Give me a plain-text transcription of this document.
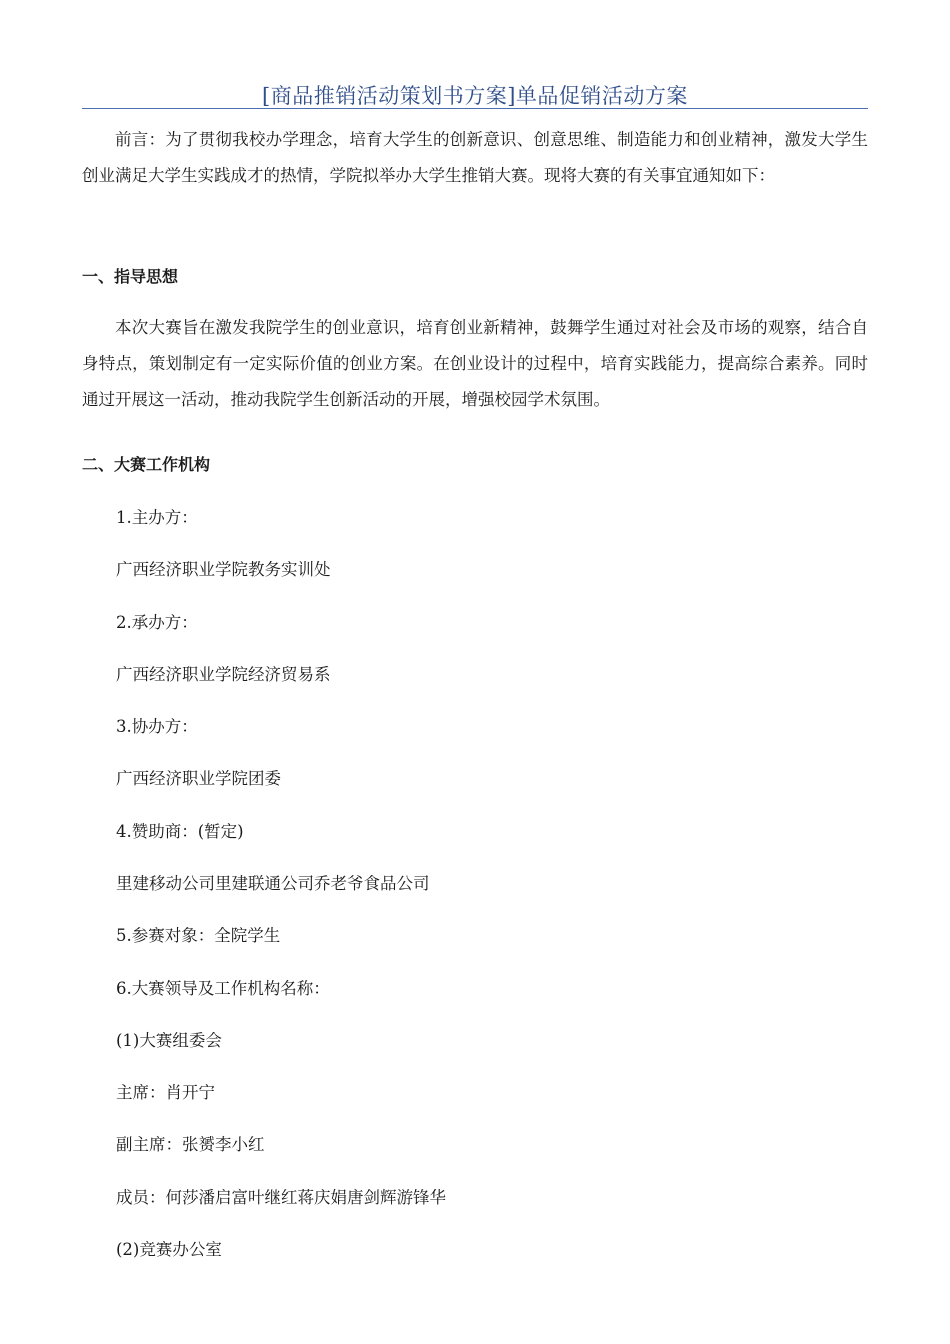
[商品推销活动策划书方案]单品促销活动方案

前言：为了贯彻我校办学理念，培育大学生的创新意识、创意思维、制造能力和创业精神，激发大学生创业满足大学生实践成才的热情，学院拟举办大学生推销大赛。现将大赛的有关事宜通知如下：

一、指导思想

本次大赛旨在激发我院学生的创业意识，培育创业新精神，鼓舞学生通过对社会及市场的观察，结合自身特点，策划制定有一定实际价值的创业方案。在创业设计的过程中，培育实践能力，提高综合素养。同时通过开展这一活动，推动我院学生创新活动的开展，增强校园学术氛围。

二、大赛工作机构

1.主办方：

广西经济职业学院教务实训处

2.承办方：

广西经济职业学院经济贸易系

3.协办方：

广西经济职业学院团委

4.赞助商：(暂定)

里建移动公司里建联通公司乔老爷食品公司

5.参赛对象：全院学生

6.大赛领导及工作机构名称：

(1)大赛组委会

主席：肖开宁

副主席：张赟李小红

成员：何莎潘启富叶继红蒋庆娟唐剑辉游锋华

(2)竞赛办公室
